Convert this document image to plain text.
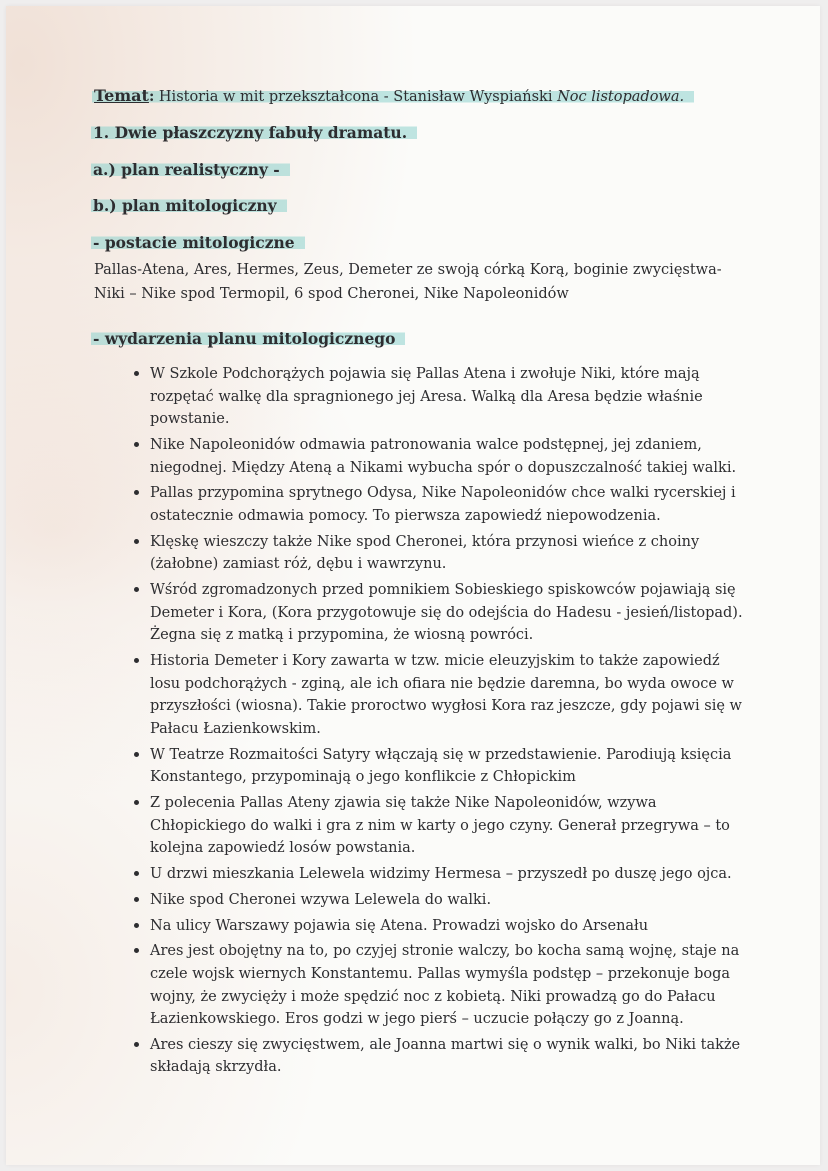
Temat: Historia w mit przekształcona - Stanisław Wyspiański Noc listopadowa.
1. Dwie płaszczyzny fabuły dramatu.
a.) plan realistyczny -
b.) plan mitologiczny
- postacie mitologiczne
Pallas-Atena, Ares, Hermes, Zeus, Demeter ze swoją córką Korą, boginie zwycięstwa-Niki – Nike spod Termopil, 6 spod Cheronei, Nike Napoleonidów
- wydarzenia planu mitologicznego
• W Szkole Podchorążych pojawia się Pallas Atena i zwołuje Niki, które mają rozpętać walkę dla spragnionego jej Aresa. Walką dla Aresa będzie właśnie powstanie.
• Nike Napoleonidów odmawia patronowania walce podstępnej, jej zdaniem, niegodnej. Między Ateną a Nikami wybucha spór o dopuszczalność takiej walki.
• Pallas przypomina sprytnego Odysa, Nike Napoleonidów chce walki rycerskiej i ostatecznie odmawia pomocy. To pierwsza zapowiedź niepowodzenia.
• Klęskę wieszczy także Nike spod Cheronei, która przynosi wieńce z choiny (żałobne) zamiast róż, dębu i wawrzynu.
• Wśród zgromadzonych przed pomnikiem Sobieskiego spiskowców pojawiają się Demeter i Kora, (Kora przygotowuje się do odejścia do Hadesu - jesień/listopad). Żegna się z matką i przypomina, że wiosną powróci.
• Historia Demeter i Kory zawarta w tzw. micie eleuzyjskim to także zapowiedź losu podchorążych - zginą, ale ich ofiara nie będzie daremna, bo wyda owoce w przyszłości (wiosna). Takie proroctwo wygłosi Kora raz jeszcze, gdy pojawi się w Pałacu Łazienkowskim.
• W Teatrze Rozmaitości Satyry włączają się w przedstawienie. Parodiują księcia Konstantego, przypominają o jego konflikcie z Chłopickim
• Z polecenia Pallas Ateny zjawia się także Nike Napoleonidów, wzywa Chłopickiego do walki i gra z nim w karty o jego czyny. Generał przegrywa – to kolejna zapowiedź losów powstania.
• U drzwi mieszkania Lelewela widzimy Hermesa – przyszedł po duszę jego ojca.
• Nike spod Cheronei wzywa Lelewela do walki.
• Na ulicy Warszawy pojawia się Atena. Prowadzi wojsko do Arsenału
• Ares jest obojętny na to, po czyjej stronie walczy, bo kocha samą wojnę, staje na czele wojsk wiernych Konstantemu. Pallas wymyśla podstęp – przekonuje boga wojny, że zwycięży i może spędzić noc z kobietą. Niki prowadzą go do Pałacu Łazienkowskiego. Eros godzi w jego pierś – uczucie połączy go z Joanną.
• Ares cieszy się zwycięstwem, ale Joanna martwi się o wynik walki, bo Niki także składają skrzydła.
